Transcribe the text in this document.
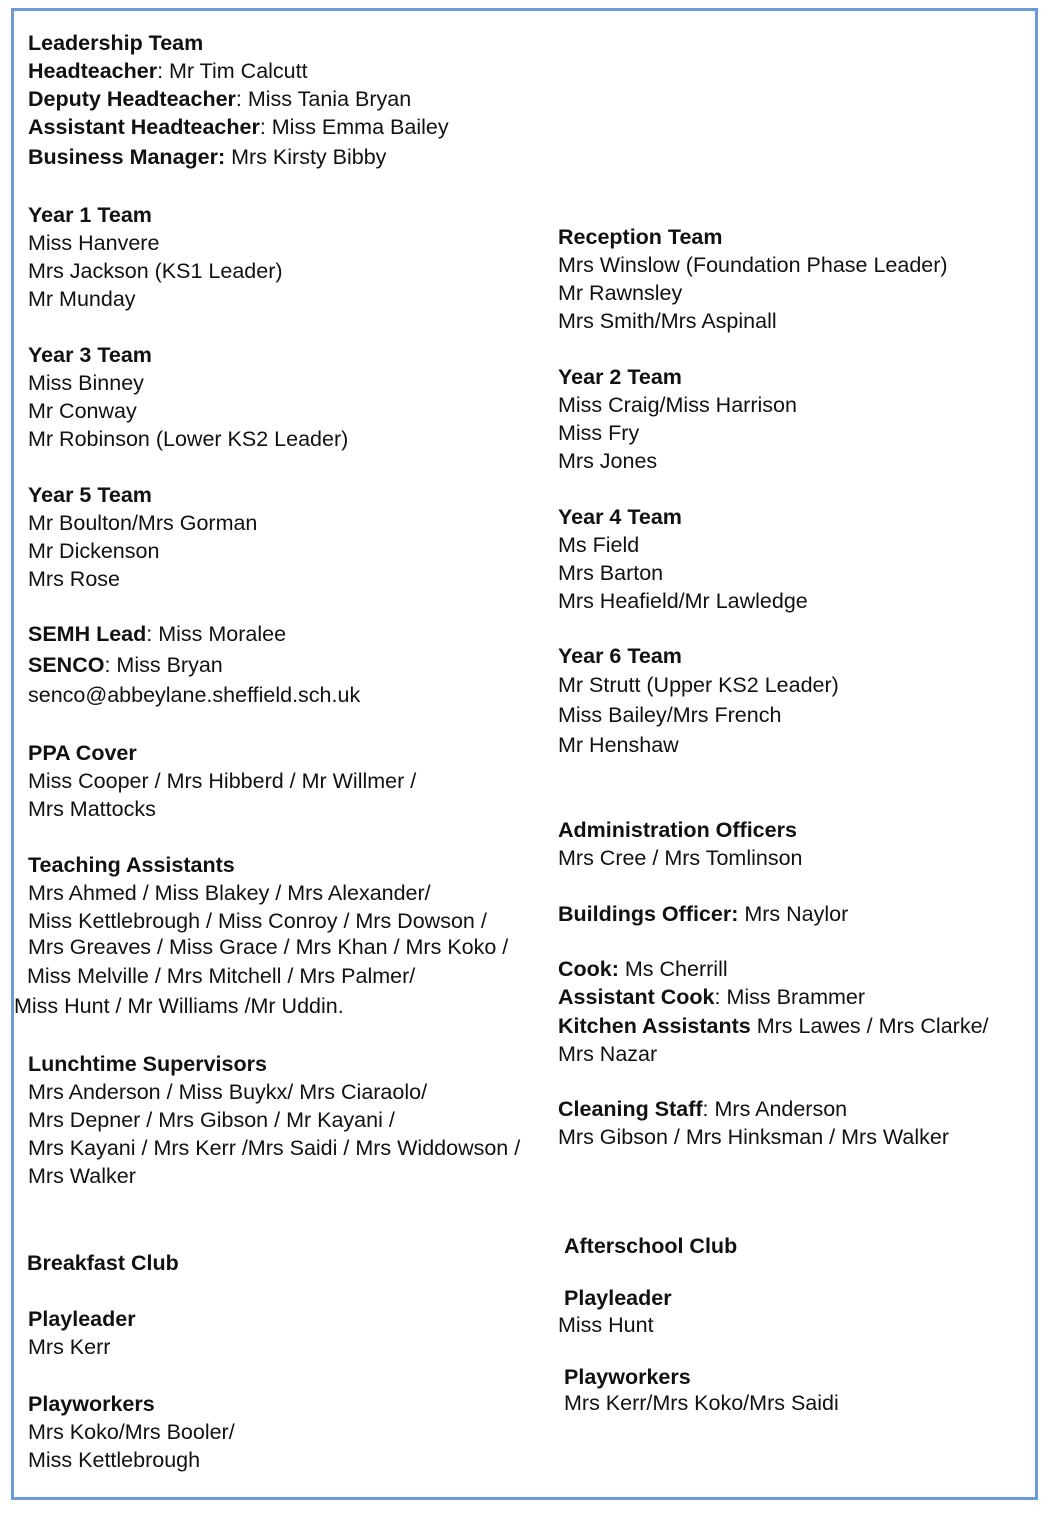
Leadership Team
Headteacher: Mr Tim Calcutt
Deputy Headteacher: Miss Tania Bryan
Assistant Headteacher: Miss Emma Bailey
Business Manager: Mrs Kirsty Bibby
Year 1 Team
Miss Hanvere
Mrs Jackson (KS1 Leader)
Mr Munday
Year 3 Team
Miss Binney
Mr Conway
Mr Robinson (Lower KS2 Leader)
Year 5 Team
Mr Boulton/Mrs Gorman
Mr Dickenson
Mrs Rose
SEMH Lead: Miss Moralee
SENCO: Miss Bryan
senco@abbeylane.sheffield.sch.uk
PPA Cover
Miss Cooper / Mrs Hibberd / Mr Willmer /
Mrs Mattocks
Teaching Assistants
Mrs Ahmed / Miss Blakey / Mrs Alexander/
Miss Kettlebrough / Miss Conroy / Mrs Dowson /
Mrs Greaves / Miss Grace / Mrs Khan / Mrs Koko /
Miss Melville / Mrs Mitchell / Mrs Palmer/
Miss Hunt / Mr Williams /Mr Uddin.
Lunchtime Supervisors
Mrs Anderson / Miss Buykx/ Mrs Ciaraolo/
Mrs Depner / Mrs Gibson / Mr Kayani /
Mrs Kayani / Mrs Kerr /Mrs Saidi / Mrs Widdowson /
Mrs Walker
Breakfast Club
Playleader
Mrs Kerr
Playworkers
Mrs Koko/Mrs Booler/
Miss Kettlebrough
Reception Team
Mrs Winslow (Foundation Phase Leader)
Mr Rawnsley
Mrs Smith/Mrs Aspinall
Year 2 Team
Miss Craig/Miss Harrison
Miss Fry
Mrs Jones
Year 4 Team
Ms Field
Mrs Barton
Mrs Heafield/Mr Lawledge
Year 6 Team
Mr Strutt (Upper KS2 Leader)
Miss Bailey/Mrs French
Mr Henshaw
Administration Officers
Mrs Cree / Mrs Tomlinson
Buildings Officer: Mrs Naylor
Cook: Ms Cherrill
Assistant Cook: Miss Brammer
Kitchen Assistants Mrs Lawes / Mrs Clarke/
Mrs Nazar
Cleaning Staff: Mrs Anderson
Mrs Gibson / Mrs Hinksman / Mrs Walker
Afterschool Club
Playleader
Miss Hunt
Playworkers
Mrs Kerr/Mrs Koko/Mrs Saidi
